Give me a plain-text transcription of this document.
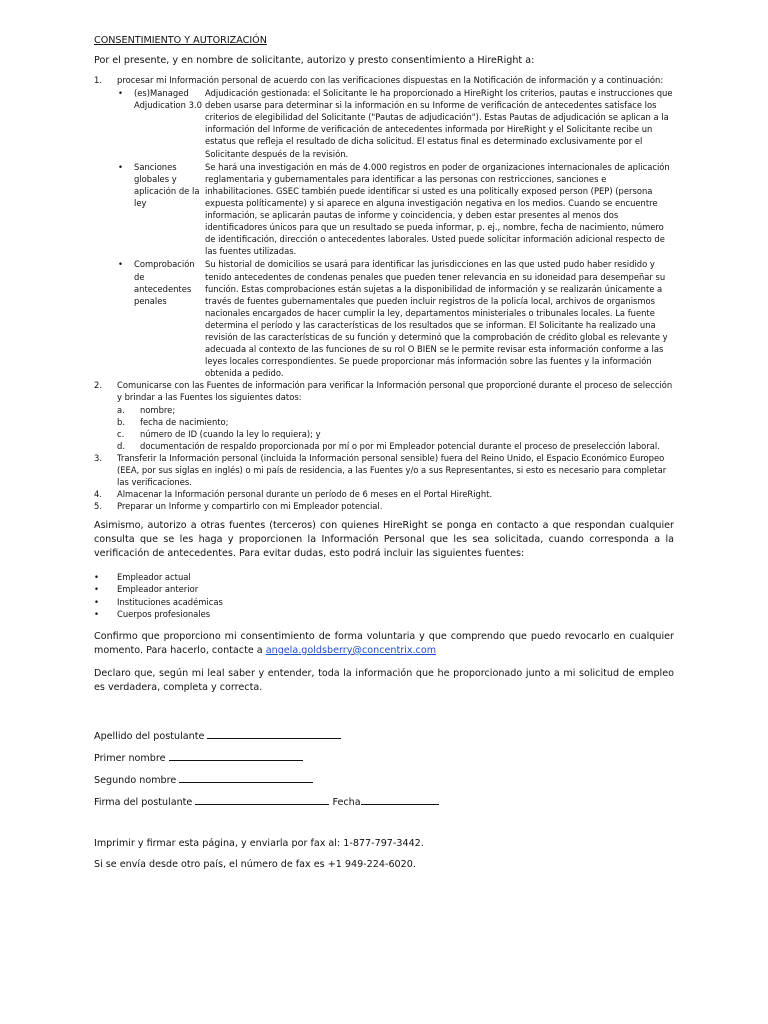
CONSENTIMIENTO Y AUTORIZACIÓN
Por el presente, y en nombre de solicitante, autorizo y presto consentimiento a HireRight a:
1.	procesar mi Información personal de acuerdo con las verificaciones dispuestas en la Notificación de información y a continuación:
•	(es)Managed Adjudication 3.0
Adjudicación gestionada: el Solicitante le ha proporcionado a HireRight los criterios, pautas e instrucciones que deben usarse para determinar si la información en su Informe de verificación de antecedentes satisface los criterios de elegibilidad del Solicitante ("Pautas de adjudicación"). Estas Pautas de adjudicación se aplican a la información del Informe de verificación de antecedentes informada por HireRight y el Solicitante recibe un estatus que refleja el resultado de dicha solicitud. El estatus final es determinado exclusivamente por el Solicitante después de la revisión.
•	Sanciones globales y aplicación de la ley
Se hará una investigación en más de 4.000 registros en poder de organizaciones internacionales de aplicación reglamentaria y gubernamentales para identificar a las personas con restricciones, sanciones e inhabilitaciones. GSEC también puede identificar si usted es una politically exposed person (PEP) (persona expuesta políticamente) y si aparece en alguna investigación negativa en los medios. Cuando se encuentre información, se aplicarán pautas de informe y coincidencia, y deben estar presentes al menos dos identificadores únicos para que un resultado se pueda informar, p. ej., nombre, fecha de nacimiento, número de identificación, dirección o antecedentes laborales. Usted puede solicitar información adicional respecto de las fuentes utilizadas.
•	Comprobación de antecedentes penales
Su historial de domicilios se usará para identificar las jurisdicciones en las que usted pudo haber residido y tenido antecedentes de condenas penales que pueden tener relevancia en su idoneidad para desempeñar su función. Estas comprobaciones están sujetas a la disponibilidad de información y se realizarán únicamente a través de fuentes gubernamentales que pueden incluir registros de la policía local, archivos de organismos nacionales encargados de hacer cumplir la ley, departamentos ministeriales o tribunales locales. La fuente determina el período y las características de los resultados que se informan. El Solicitante ha realizado una revisión de las características de su función y determinó que la comprobación de crédito global es relevante y adecuada al contexto de las funciones de su rol O BIEN se le permite revisar esta información conforme a las leyes locales correspondientes. Se puede proporcionar más información sobre las fuentes y la información obtenida a pedido.
2.	Comunicarse con las Fuentes de información para verificar la Información personal que proporcioné durante el proceso de selección y brindar a las Fuentes los siguientes datos:
a.	nombre;
b.	fecha de nacimiento;
c.	número de ID (cuando la ley lo requiera); y
d.	documentación de respaldo proporcionada por mí o por mi Empleador potencial durante el proceso de preselección laboral.
3.	Transferir la Información personal (incluida la Información personal sensible) fuera del Reino Unido, el Espacio Económico Europeo (EEA, por sus siglas en inglés) o mi país de residencia, a las Fuentes y/o a sus Representantes, si esto es necesario para completar las verificaciones.
4.	Almacenar la Información personal durante un período de 6 meses en el Portal HireRight.
5.	Preparar un Informe y compartirlo con mi Empleador potencial.
Asimismo, autorizo a otras fuentes (terceros) con quienes HireRight se ponga en contacto a que respondan cualquier consulta que se les haga y proporcionen la Información Personal que les sea solicitada, cuando corresponda a la verificación de antecedentes. Para evitar dudas, esto podrá incluir las siguientes fuentes:
•	Empleador actual
•	Empleador anterior
•	Instituciones académicas
•	Cuerpos profesionales
Confirmo que proporciono mi consentimiento de forma voluntaria y que comprendo que puedo revocarlo en cualquier momento. Para hacerlo, contacte a angela.goldsberry@concentrix.com
Declaro que, según mi leal saber y entender, toda la información que he proporcionado junto a mi solicitud de empleo es verdadera, completa y correcta.
Apellido del postulante
Primer nombre
Segundo nombre
Firma del postulante	Fecha
Imprimir y firmar esta página, y enviarla por fax al: 1-877-797-3442.
Si se envía desde otro país, el número de fax es +1 949-224-6020.
